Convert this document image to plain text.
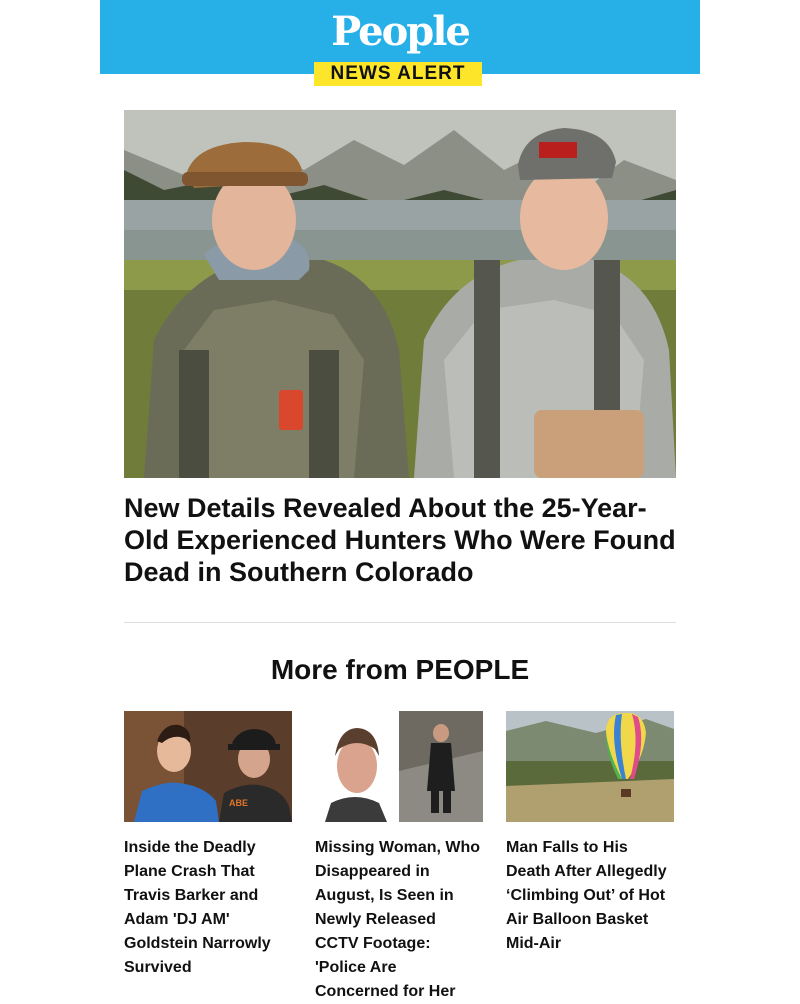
People
NEWS ALERT
New Details Revealed About the 25-Year-Old Experienced Hunters Who Were Found Dead in Southern Colorado
More from PEOPLE
ABE

Inside the Deadly Plane Crash That Travis Barker and Adam 'DJ AM' Goldstein Narrowly Survived

Missing Woman, Who Disappeared in August, Is Seen in Newly Released CCTV Footage: 'Police Are Concerned for Her

Man Falls to His Death After Allegedly ‘Climbing Out’ of Hot Air Balloon Basket Mid-Air
